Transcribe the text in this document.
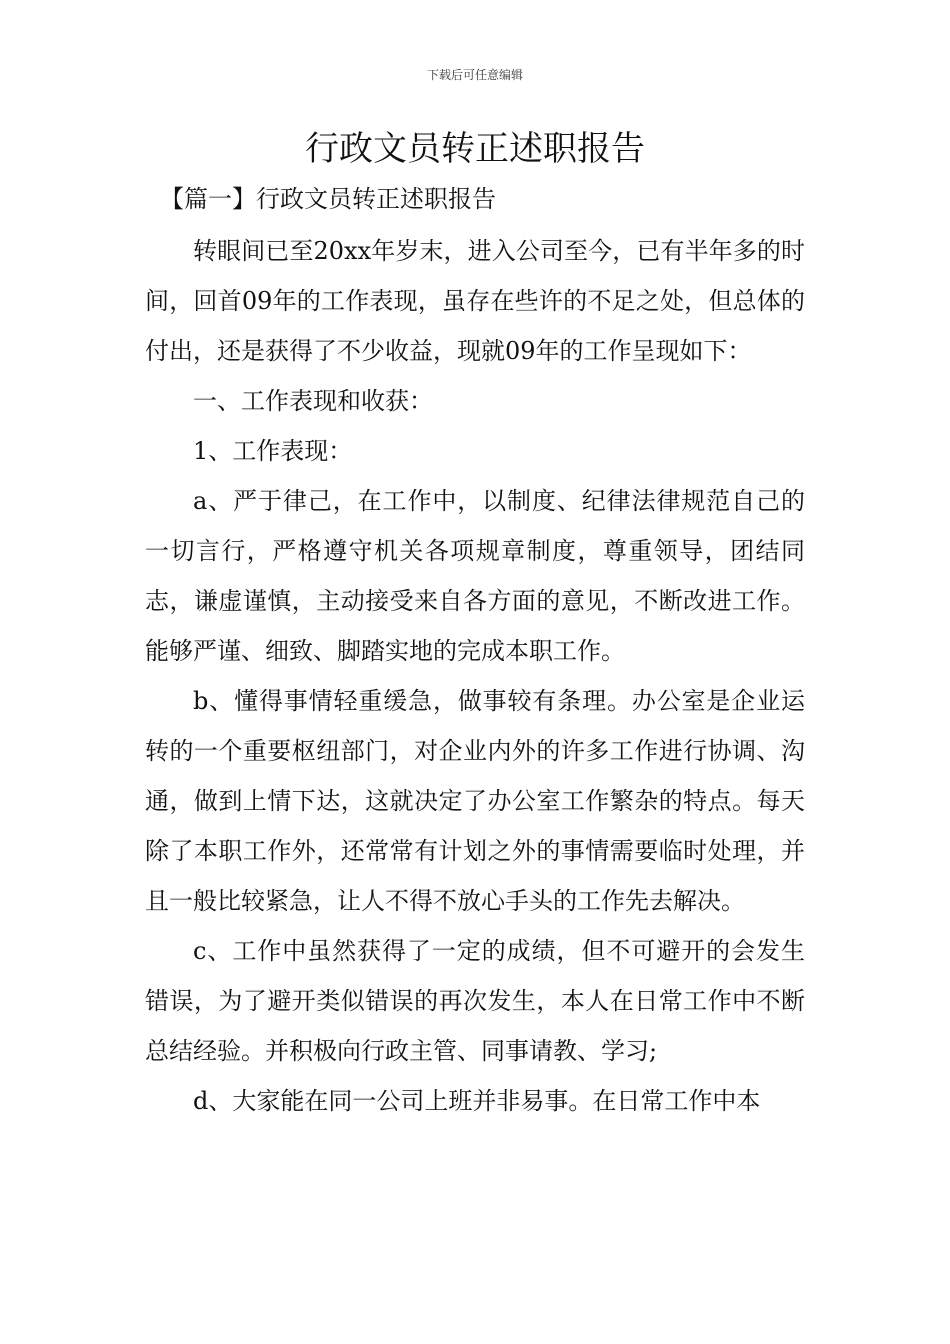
下载后可任意编辑
行政文员转正述职报告

【篇一】行政文员转正述职报告

转眼间已至20xx年岁末，进入公司至今，已有半年多的时间，回首09年的工作表现，虽存在些许的不足之处，但总体的付出，还是获得了不少收益，现就09年的工作呈现如下：

一、工作表现和收获：

1、工作表现：

a、严于律己，在工作中，以制度、纪律法律规范自己的一切言行，严格遵守机关各项规章制度，尊重领导，团结同志，谦虚谨慎，主动接受来自各方面的意见，不断改进工作。能够严谨、细致、脚踏实地的完成本职工作。

b、懂得事情轻重缓急，做事较有条理。办公室是企业运转的一个重要枢纽部门，对企业内外的许多工作进行协调、沟通，做到上情下达，这就决定了办公室工作繁杂的特点。每天除了本职工作外，还常常有计划之外的事情需要临时处理，并且一般比较紧急，让人不得不放心手头的工作先去解决。

c、工作中虽然获得了一定的成绩，但不可避开的会发生错误，为了避开类似错误的再次发生，本人在日常工作中不断总结经验。并积极向行政主管、同事请教、学习;

d、大家能在同一公司上班并非易事。在日常工作中本
